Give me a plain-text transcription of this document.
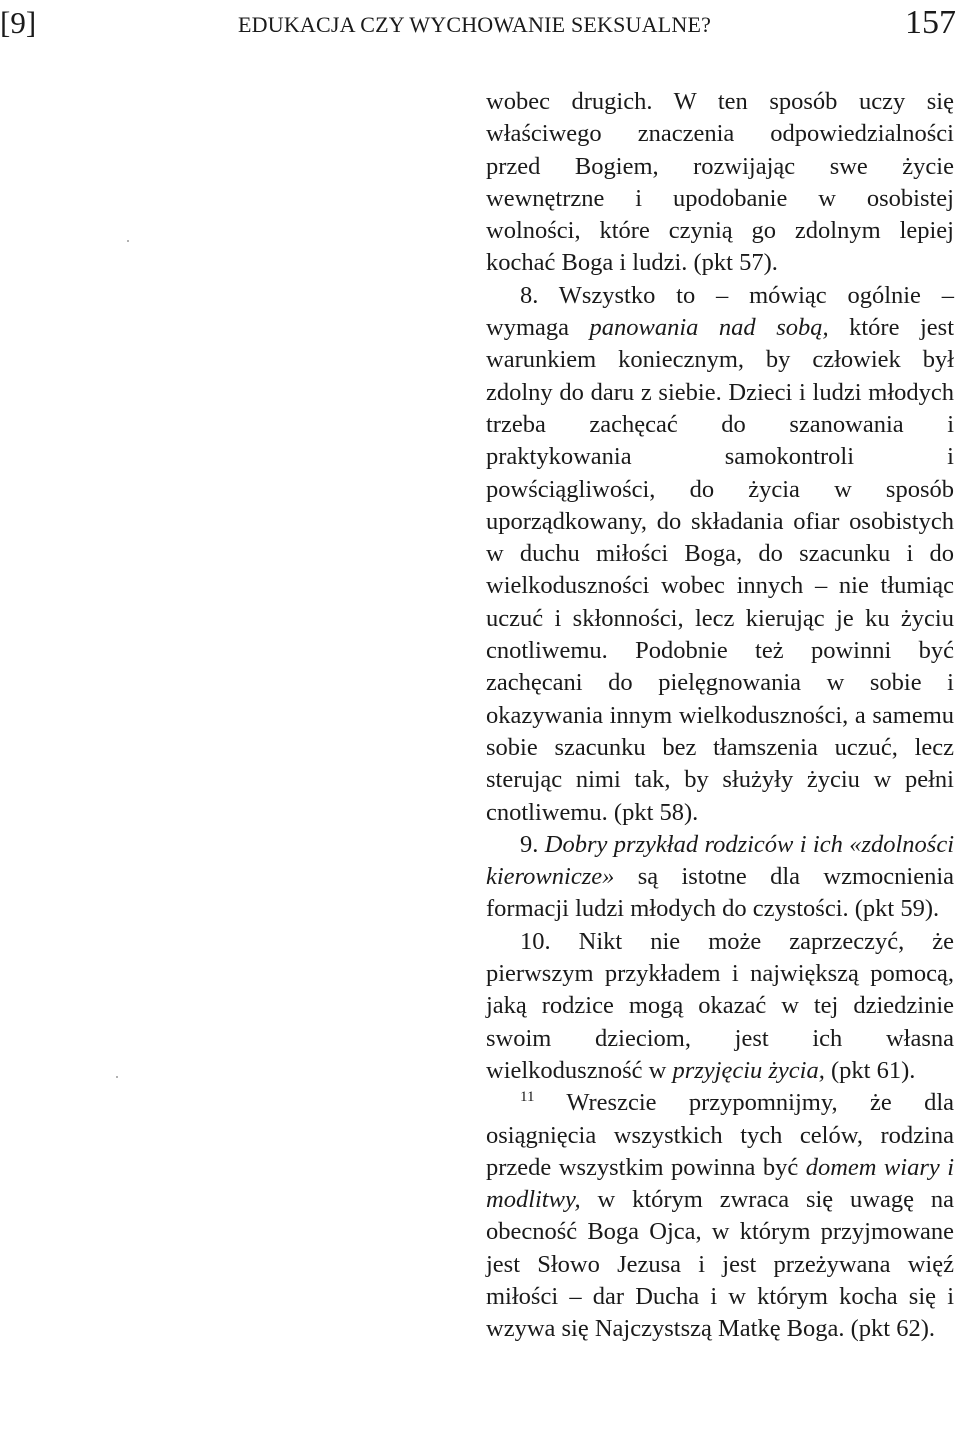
[9]	EDUKACJA CZY WYCHOWANIE SEKSUALNE?	157

wobec drugich. W ten sposób uczy się właściwego znaczenia odpowiedzialności przed Bogiem, rozwijając swe życie wewnętrzne i upodobanie w osobistej wolności, które czynią go zdolnym lepiej kochać Boga i ludzi. (pkt 57).

8. Wszystko to – mówiąc ogólnie – wymaga panowania nad sobą, które jest warunkiem koniecznym, by człowiek był zdolny do daru z siebie. Dzieci i ludzi młodych trzeba zachęcać do szanowania i praktykowania samokontroli i powściągliwości, do życia w sposób uporządkowany, do składania ofiar osobistych w duchu miłości Boga, do szacunku i do wielkoduszności wobec innych – nie tłumiąc uczuć i skłonności, lecz kierując je ku życiu cnotliwemu. Podobnie też powinni być zachęcani do pielęgnowania w sobie i okazywania innym wielkoduszności, a samemu sobie szacunku bez tłamszenia uczuć, lecz sterując nimi tak, by służyły życiu w pełni cnotliwemu. (pkt 58).

9. Dobry przykład rodziców i ich «zdolności kierownicze» są istotne dla wzmocnienia formacji ludzi młodych do czystości. (pkt 59).

10. Nikt nie może zaprzeczyć, że pierwszym przykładem i największą pomocą, jaką rodzice mogą okazać w tej dziedzinie swoim dzieciom, jest ich własna wielkoduszność w przyjęciu życia, (pkt 61).

$^{11}$ Wreszcie przypomnijmy, że dla osiągnięcia wszystkich tych celów, rodzina przede wszystkim powinna być domem wiary i modlitwy, w którym zwraca się uwagę na obecność Boga Ojca, w którym przyjmowane jest Słowo Jezusa i jest przeżywana więź miłości – dar Ducha i w którym kocha się i wzywa się Najczystszą Matkę Boga. (pkt 62).
